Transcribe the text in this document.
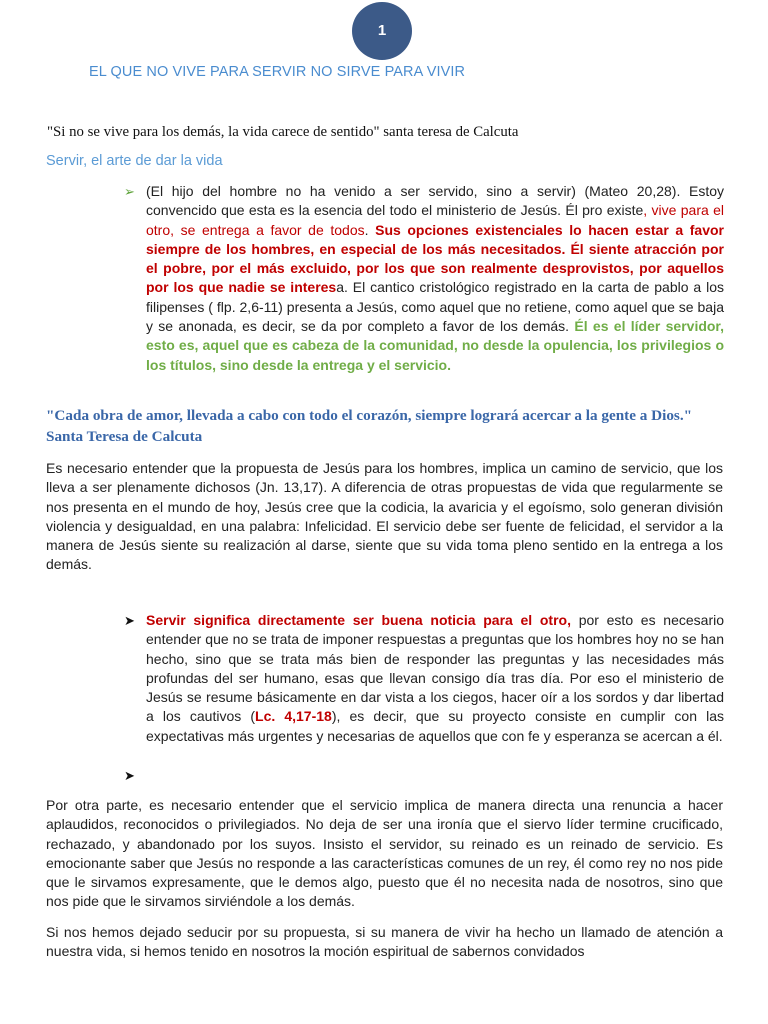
1
EL QUE NO VIVE PARA SERVIR NO SIRVE PARA VIVIR
"Si no se vive para los demás, la vida carece de sentido" santa teresa de Calcuta
Servir, el arte de dar la vida
➢ (El hijo del hombre no ha venido a ser servido, sino a servir) (Mateo 20,28). Estoy convencido que esta es la esencia del todo el ministerio de Jesús. Él pro existe, vive para el otro, se entrega a favor de todos. Sus opciones existenciales lo hacen estar a favor siempre de los hombres, en especial de los más necesitados. Él siente atracción por el pobre, por el más excluido, por los que son realmente desprovistos, por aquellos por los que nadie se interesa. El cantico cristológico registrado en la carta de pablo a los filipenses ( flp. 2,6-11) presenta a Jesús, como aquel que no retiene, como aquel que se baja y se anonada, es decir, se da por completo a favor de los demás. Él es el líder servidor, esto es, aquel que es cabeza de la comunidad, no desde la opulencia, los privilegios o los títulos, sino desde la entrega y el servicio.
"Cada obra de amor, llevada a cabo con todo el corazón, siempre logrará acercar a la gente a Dios." Santa Teresa de Calcuta
Es necesario entender que la propuesta de Jesús para los hombres, implica un camino de servicio, que los lleva a ser plenamente dichosos (Jn. 13,17). A diferencia de otras propuestas de vida que regularmente se nos presenta en el mundo de hoy, Jesús cree que la codicia, la avaricia y el egoísmo, solo generan división violencia y desigualdad, en una palabra: Infelicidad. El servicio debe ser fuente de felicidad, el servidor a la manera de Jesús siente su realización al darse, siente que su vida toma pleno sentido en la entrega a los demás.
➤ Servir significa directamente ser buena noticia para el otro, por esto es necesario entender que no se trata de imponer respuestas a preguntas que los hombres hoy no se han hecho, sino que se trata más bien de responder las preguntas y las necesidades más profundas del ser humano, esas que llevan consigo día tras día. Por eso el ministerio de Jesús se resume básicamente en dar vista a los ciegos, hacer oír a los sordos y dar libertad a los cautivos (Lc. 4,17-18), es decir, que su proyecto consiste en cumplir con las expectativas más urgentes y necesarias de aquellos que con fe y esperanza se acercan a él.
➤
Por otra parte, es necesario entender que el servicio implica de manera directa una renuncia a hacer aplaudidos, reconocidos o privilegiados. No deja de ser una ironía que el siervo líder termine crucificado, rechazado, y abandonado por los suyos. Insisto el servidor, su reinado es un reinado de servicio. Es emocionante saber que Jesús no responde a las características comunes de un rey, él como rey no nos pide que le sirvamos expresamente, que le demos algo, puesto que él no necesita nada de nosotros, sino que nos pide que le sirvamos sirviéndole a los demás.
Si nos hemos dejado seducir por su propuesta, si su manera de vivir ha hecho un llamado de atención a nuestra vida, si hemos tenido en nosotros la moción espiritual de sabernos convidados
